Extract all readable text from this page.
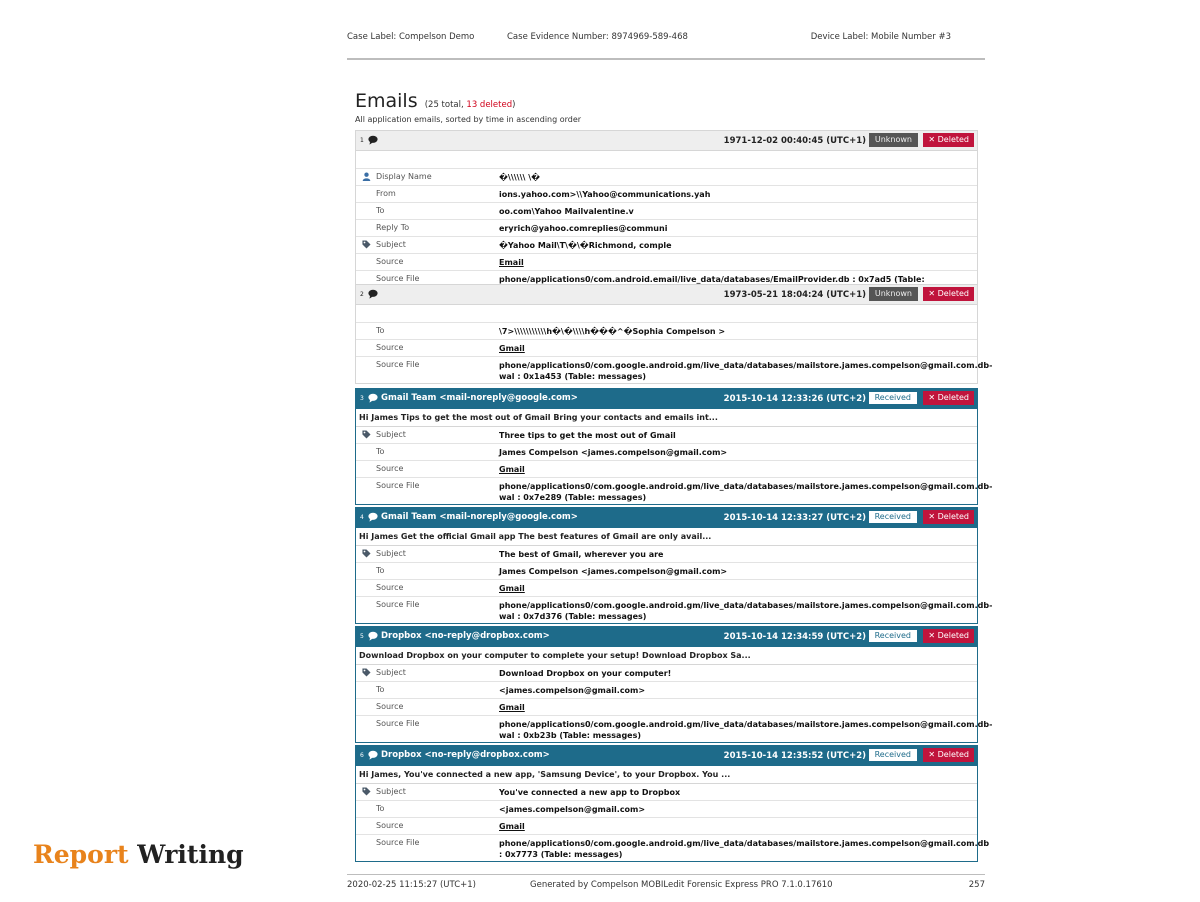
Case Label: Compelson Demo	Case Evidence Number: 8974969-589-468	Device Label: Mobile Number #3
Emails (25 total, 13 deleted)
All application emails, sorted by time in ascending order
1	1971-12-02 00:40:45 (UTC+1)	Unknown	✕ Deleted
Display Name	�\\\\\\ \�
From	ions.yahoo.com>\\Yahoo@communications.yah
To	oo.com\Yahoo Mailvalentine.v
Reply To	eryrich@yahoo.comreplies@communi
Subject	�Yahoo Mail\T\�\�Richmond, comple
Source	Email
Source File	phone/applications0/com.android.email/live_data/databases/EmailProvider.db : 0x7ad5 (Table:
2	1973-05-21 18:04:24 (UTC+1)	Unknown	✕ Deleted
To	\7>\\\\\\\\\\\h�\�\\\\h���^�Sophia Compelson >
Source	Gmail
Source File	phone/applications0/com.google.android.gm/live_data/databases/mailstore.james.compelson@gmail.com.db-wal : 0x1a453 (Table: messages)
3 Gmail Team <mail-noreply@google.com>	2015-10-14 12:33:26 (UTC+2)	Received	✕ Deleted
Hi James Tips to get the most out of Gmail Bring your contacts and emails int...
Subject	Three tips to get the most out of Gmail
To	James Compelson <james.compelson@gmail.com>
Source	Gmail
Source File	phone/applications0/com.google.android.gm/live_data/databases/mailstore.james.compelson@gmail.com.db-wal : 0x7e289 (Table: messages)
4 Gmail Team <mail-noreply@google.com>	2015-10-14 12:33:27 (UTC+2)	Received	✕ Deleted
Hi James Get the official Gmail app The best features of Gmail are only avail...
Subject	The best of Gmail, wherever you are
To	James Compelson <james.compelson@gmail.com>
Source	Gmail
Source File	phone/applications0/com.google.android.gm/live_data/databases/mailstore.james.compelson@gmail.com.db-wal : 0x7d376 (Table: messages)
5 Dropbox <no-reply@dropbox.com>	2015-10-14 12:34:59 (UTC+2)	Received	✕ Deleted
Download Dropbox on your computer to complete your setup! Download Dropbox Sa...
Subject	Download Dropbox on your computer!
To	<james.compelson@gmail.com>
Source	Gmail
Source File	phone/applications0/com.google.android.gm/live_data/databases/mailstore.james.compelson@gmail.com.db-wal : 0xb23b (Table: messages)
6 Dropbox <no-reply@dropbox.com>	2015-10-14 12:35:52 (UTC+2)	Received	✕ Deleted
Hi James, You've connected a new app, 'Samsung Device', to your Dropbox. You ...
Subject	You've connected a new app to Dropbox
To	<james.compelson@gmail.com>
Source	Gmail
Source File	phone/applications0/com.google.android.gm/live_data/databases/mailstore.james.compelson@gmail.com.db : 0x7773 (Table: messages)
2020-02-25 11:15:27 (UTC+1)	Generated by Compelson MOBILedit Forensic Express PRO 7.1.0.17610	257
Report Writing
